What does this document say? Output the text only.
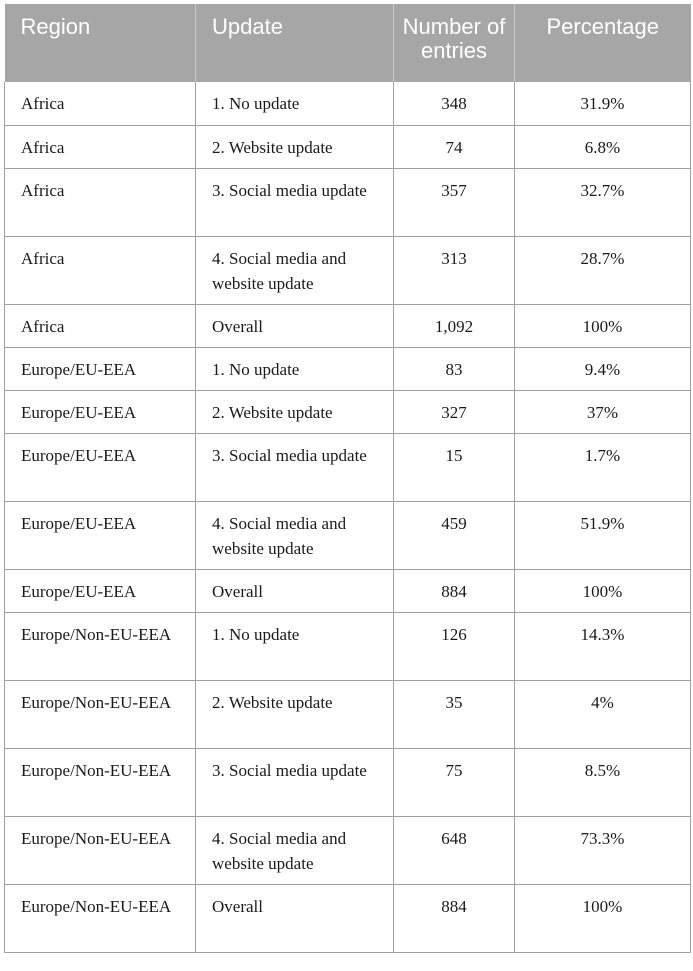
Region	Update	Number of entries	Percentage
Africa	1. No update	348	31.9%
Africa	2. Website update	74	6.8%
Africa	3. Social media update	357	32.7%
Africa	4. Social media and website update	313	28.7%
Africa	Overall	1,092	100%
Europe/EU-EEA	1. No update	83	9.4%
Europe/EU-EEA	2. Website update	327	37%
Europe/EU-EEA	3. Social media update	15	1.7%
Europe/EU-EEA	4. Social media and website update	459	51.9%
Europe/EU-EEA	Overall	884	100%
Europe/Non-EU-EEA	1. No update	126	14.3%
Europe/Non-EU-EEA	2. Website update	35	4%
Europe/Non-EU-EEA	3. Social media update	75	8.5%
Europe/Non-EU-EEA	4. Social media and website update	648	73.3%
Europe/Non-EU-EEA	Overall	884	100%
